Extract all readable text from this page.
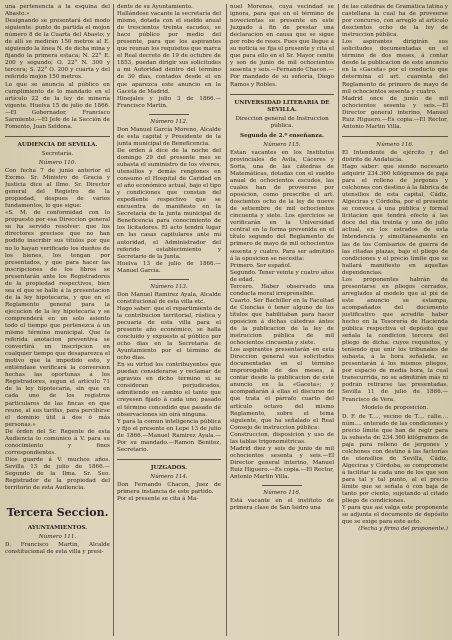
una pertenencia á la esquina del Abasto.»
Designando se presentará del modo siguiente: punto de partida el mojon número 8 de la Cuarta del Abasto; y de allí se medirán 150 metros al E. siguiendo la línea N. de dicha mina y fijando la primera estaca; N. 22° E. 200 y segundo; O. 22° N. 300 y tercera; S. 22° O. 200 y cuarta y del referido mojon 150 metros.
Lo que se anuncia al público en cumplimiento de lo mandado en el artículo 22 de la ley de minería vigente. Huelva 15 de julio de 1866.—El Gobernador, Francisco Sarmiento.—El Jefe de la Sección de Fomento, Juan Seldona.
AUDIENCIA DE SEVILLA.
Secretaría.
Número 110.
Con fecha 7 de junio anterior el Excmo. Sr. Ministro de Gracia y Justicia dice al Ilmo. Sr. Director general del Registro de la propiedad, despues de varios fundamentos, lo que sigue:
«S. M. de conformidad con lo propuesto por esa Direccion general se ha servido resolver: que los directores precisos que no han podido inscribir sus títulos por que no lo hayan verificado los dueños de los bienes, los tengan por presentados, y que para hacer las inscripciones de los libros se presentarán ante los Registradores de la propiedad respectivos, bien sea el que se halle á la presentacion de la ley hipotecaria, y que en el Reglamento general para la ejecucion de la ley hipotecaria y se comprenderá en un solo asiento todo el tiempo que pertenezca á un mismo término municipal. Que la referida anotacion preventiva se convertirá en inscripcion en cualquier tiempo que desaparezca el motivo que la impedido esto, y entiéndase verificará la conversion hechas las oportunas á los Registradores, segun el artículo 71 de la ley hipotecaria, sin que en cada uno de los registros particulares de las fincas en que reune, al sus tarifas, para percibirse el dominio útil á dos ó más personas.»
De órden del Sr. Regente de esta Audiencia lo comunico á V. para su conocimiento y fines correspondientes.
Dios guarde á V. muchos años. Sevilla 13 de julio de 1866.—Segundo de la Ilma. Sr. Seo. Registrador de la propiedad del territorio de esta Audiencia.
Tercera Seccion.
AYUNTAMIENTOS.
Número 111.
D. Francisco Martin, Alcalde constitucional de esta villa y presi-
dente de su Ayuntamiento.
Hallándose vacante la secretaría del mismo, dotada con el sueldo anual de trescientos treinta escudos, se hace público por medio del presente, para que los aspirantes que reunan los requisitos que marca el Real decreto de 19 de octubre de 1853, puedan dirigir sus solicitudes a mi Autoridad dentro del término de 30 dias, contados desde el en que aparezca este anuncio en la Gaceta de Madrid.
Hinojales y julio 3 de 1866.—Francisco Martin.
Número 112.
Don Manuel García Moreno, Alcalde de esta capital y Presidente de la junta municipal de Beneficencia.
De orden á dice de la noche del domingo 29 del presente mes se subasta el suministro de los víveres, utensilios y demás renglones en consumo el Hospital de Caridad en el año económico actual, bajo el tipo y condiciones que constan del expediente respectivo que se encuentra de manifiesto en la Secretaría de la junta municipal de Beneficencia para conocimiento de los licitadores. El acto tendrá lugar en las casas capitulares ante mí autoridad, el Administrador del referido establecimiento y Secretario de la Junta.
Huelva 13 de julio de 1866.—Manuel García.
Número 113.
Don Manuel Ramirez Ayala, Alcalde constitucional de esta villa etc.
Hago saber: que el repartimiento de la contribucion territorial, rústica y pecuaria de esta villa para el presente año económico, se halla concluido y expuesto al público por ocho dias en la Secretaría de Ayuntamiento por el término de ocho dias.
En su virtud los contribuyentes que puedan considerarse y reclamar de agravios en dicho término si se consideran perjudicados, admitiendo en cambio el tanto que creyesen fijado á cada uno; pasado el término concedido que pasado dé observaciones sin oirá ninguna.
Y para la comun inteligencia pública y fijo el presente en Lepe 13 de julio de 1866.—Manuel Ramirez Ayala.—Por su mandado.—Ramon Benitez, Secretario.
JUZGADOS.
Número 114.
Don Fernando Chacon, Juez de primera instancia de este partido.
Por el presente se cita á Ma-
nuel Morenos, cuya vecindad se ignora, para que en el término de novecientas se presente en este Juzgado á fin de prestar una declaracion en causa que se sigue por robo de reses. Pues que llegue á su noticia se fija el presente y cita el que para ello en el Sr. Mayor cenite y son de junio de mil ochocientos sesenta y seis.—Fernando Chacon.—Por mandado de su señoría, Diego Ramos y Robles.
UNIVERSIDAD LITERARIA DE SEVILLA.
Direccion general de Instruccion pública.
Segunda de 2.ª enseñanza.
Número 115.
Estan vacantes en los Institutos provinciales de Avila, Cáceres y Soria, una de las cátedras de Matemáticas, dotadas con el sueldo anual de ochocientos escudos, las cuales han de proveerse por oposicion, como prescribe el art. doscientos ocho de la ley de nueve de setiembre de mil ochocientos cincuenta y siete. Los ejercicios se verificarán en la Universidad central en la forma prevenida en el título segundo del Reglamento de primero de mayo de mil ochocientos sesenta y cuatro. Para ser admitido á la oposicion se necesita:
Primero. Ser español.
Segundo. Tener veinte y cuatro años de edad.
Tercero. Haber observado una conducta moral irreprensible.
Cuarto. Ser Bachiller en la Facultad de Ciencias ó tener alguno de los títulos que habilitaban para hacer oposicion á dichas cátedras ántes de la publicacion de la ley de instruccion pública de mil ochocientos cincuenta y siete.
Los aspirantes presentarán en esta Direccion general sus solicitudes documentadas en el término improrogable de dos meses, á contar desde la publicacion de este anuncio en la «Gaceta»; y acompañarán á ellas el discurso de que trata el párrafo cuarto del artículo octavo del mismo Reglamento, sobre el tema siguiente, que ha señalado el Real Consejo de instruccion pública:
Construccion, disposicion y uso de las tablas trigonométricas.
Madrid diez y seis de junio de mil ochocientos sesenta y seis.—El Director general interino, Manuel Ruiz Higuero.—Es copia.—El Rector, Antonio Martin Villa.
Número 116.
Está vacante en el instituto de primera clase de San Isidro una
de las cátedras de Gramática latina y castellana la cual ha de proveerse por concurso, con arreglo al artículo doscientos ocho de la ley de instruccion pública.
Los aspirantes dirigirán sus solicitudes documentadas en el término de dos meses, á contar desde la publicacion de este anuncio en la «Gaceta» por el conducto que determina el art. cuarenta del Reglamento de primero de mayo de mil ochocientos sesenta y cuatro.
Madrid once de junio de mil ochocientos sesenta y seis.—El Director general interino, Manuel Ruiz Higuero.—Es copia.—El Rector, Antonio Martin Villa.
Número 116.
El Intendente de ejército y del distrito de Andalucía.
Hago saber: que siendo necesario adquirir 234.360 kilógramos de paja para el relleno de jergones y colchones con destino á la fábrica de utensilios de esta capital, Cádiz, Algeciras y Córdoba, por el presente se convoca á una pública y formal licitacion que tendrá efecto á las doce del dia treinta y uno de julio actual, en los estrados de esta Intendencia y simultáneamente en las de los Comisarios de guerra de las citadas plazas, bajo el pliego de condiciones y el precio límite que se hallará manifiesto en aquellas dependencias.
Los proponentes habrán de presentarse en pliegos cerrados, arreglados al modelo que al pié de este anuncio se estampa, acompañados del documento justificativo que acredite haber hecho en la Tesorería de Hacienda pública respectiva el depósito que señala la condicion tercera del pliego de dicha: cuyos requisitos, y teniendo que unir los tribunales de subasta, á la hora señalada, se presentarán á los mismos pliegos, por espacio de media hora, la cual transcurrida, no se admitirán más ni podrán retirarse las presentadas. Sevilla 11 de julio de 1866.—Francisco de Vera.
Modelo de proposicion.
D. F. de T...., vecino de T.... calle.... núm.... enterado de las condiciones y precio límite que han de regir para la subasta de 234.360 kilógramos de paja para relleno de jergones y colchones con destino á las factorías de utensilios de Sevilla, Cádiz, Algeciras y Córdoba, se compromete á facilitar la cada uno de los que son para tal y tal punto, al el precio límite que se señala ó con baja de tanto por ciento, sujetando al citado pliego de condiciones.
Y para que así valga este proponente se adjunta el documento de depósito que se exige para este acto.
(Fecha y firma del proponente.)
